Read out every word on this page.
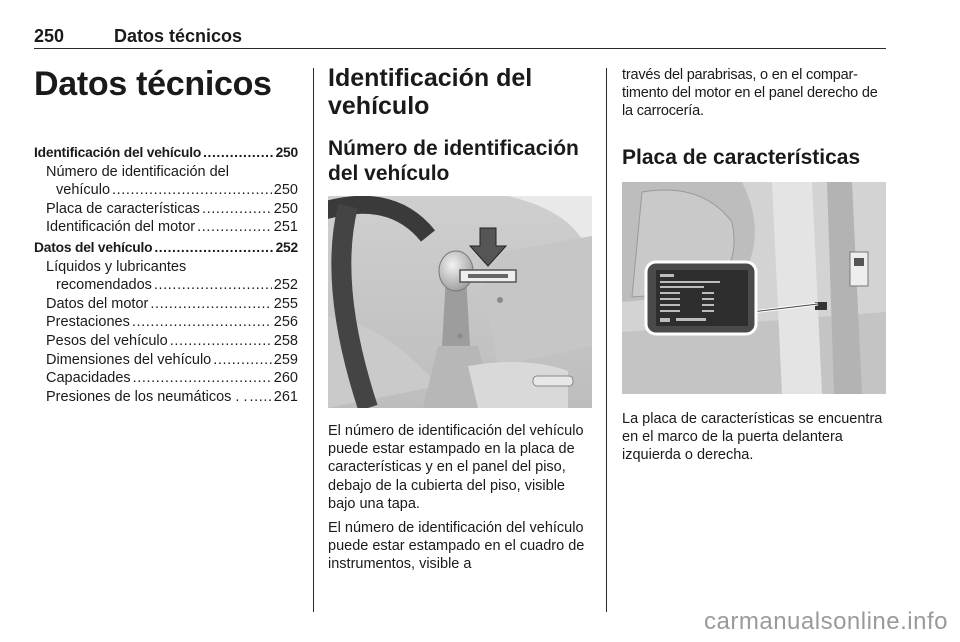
250	Datos técnicos
Datos técnicos
Identificación del vehículo .....	250
Número de identificación del
vehículo .....	250
Placa de características .....	250
Identificación del motor .....	251
Datos del vehículo .....	252
Líquidos y lubricantes
recomendados .....	252
Datos del motor .....	255
Prestaciones .....	256
Pesos del vehículo .....	258
Dimensiones del vehículo .....	259
Capacidades .....	260
Presiones de los neumáticos . . ..... 261
Identificación del vehículo
Número de identificación del vehículo

El número de identificación del vehículo puede estar estampado en la placa de características y en el panel del piso, debajo de la cubierta del piso, visible bajo una tapa.

El número de identificación del vehículo puede estar estampado en el cuadro de instrumentos, visible a

través del parabrisas, o en el compar- timento del motor en el panel derecho de la carrocería.

Placa de características

La placa de características se encuentra en el marco de la puerta delantera izquierda o derecha.

carmanualsonline.info
